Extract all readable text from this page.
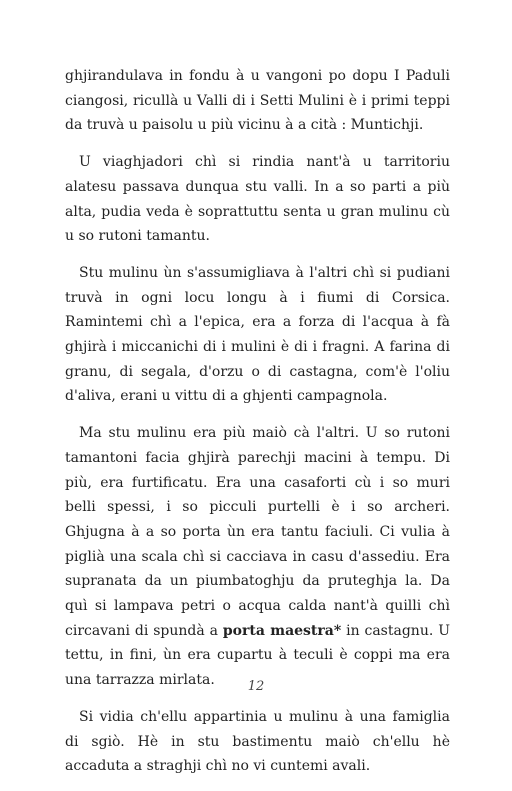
ghjirandulava in fondu à u vangoni po dopu I Paduli ciangosi, ricullà u Valli di i Setti Mulini è i primi teppi da truvà u paisolu u più vicinu à a cità : Muntichji.

U viaghjadori chì si rindia nant'à u tarritoriu alatesu passava dunqua stu valli. In a so parti a più alta, pudia veda è soprattuttu senta u gran mulinu cù u so rutoni tamantu.

Stu mulinu ùn s'assumigliava à l'altri chì si pudiani truvà in ogni locu longu à i fiumi di Corsica. Ramintemi chì a l'epica, era a forza di l'acqua à fà ghjirà i miccanichi di i mulini è di i fragni. A farina di granu, di segala, d'orzu o di castagna, com'è l'oliu d'aliva, erani u vittu di a ghjenti campagnola.

Ma stu mulinu era più maiò cà l'altri. U so rutoni tamantoni facia ghjirà parechji macini à tempu. Di più, era furtificatu. Era una casaforti cù i so muri belli spessi, i so picculi purtelli è i so archeri. Ghjugna à a so porta ùn era tantu faciuli. Ci vulia à piglià una scala chì si cacciava in casu d'assediu. Era supranata da un piumbatoghju da pruteghja la. Da quì si lampava petri o acqua calda nant'à quilli chì circavani di spundà a porta maestra* in castagnu. U tettu, in fini, ùn era cupartu à teculi è coppi ma era una tarrazza mirlata.

Si vidia ch'ellu appartinia u mulinu à una famiglia di sgiò. Hè in stu bastimentu maiò ch'ellu hè accaduta a straghji chì no vi cuntemi avali.

12
